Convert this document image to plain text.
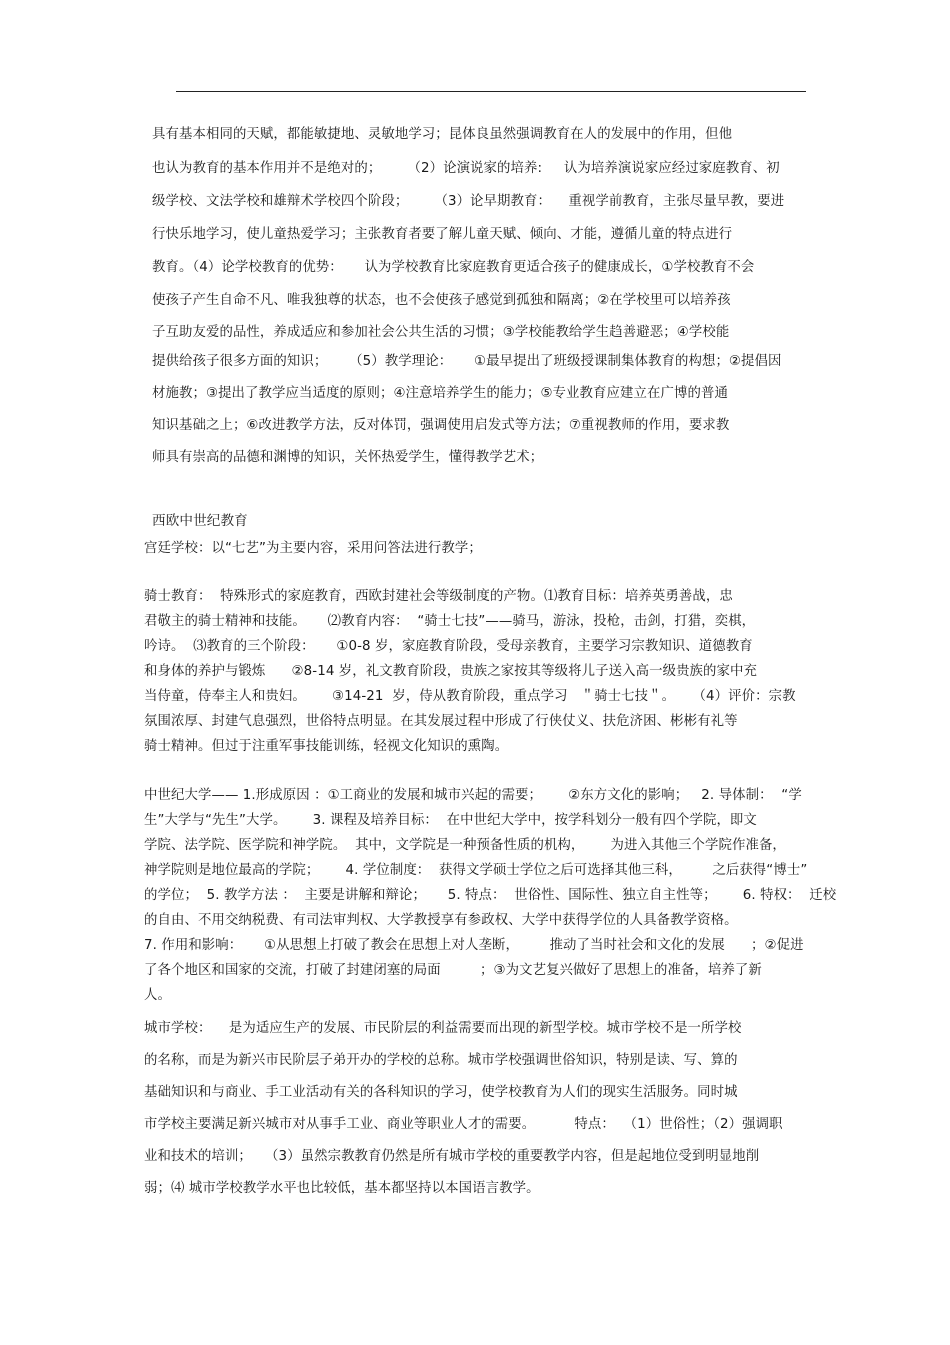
具有基本相同的天赋，都能敏捷地、灵敏地学习；昆体良虽然强调教育在人的发展中的作用，但他
也认为教育的基本作用并不是绝对的；      （2）论演说家的培养:     认为培养演说家应经过家庭教育、初
级学校、文法学校和雄辩术学校四个阶段；      （3）论早期教育：    重视学前教育，主张尽量早教，要进
行快乐地学习，使儿童热爱学习；主张教育者要了解儿童天赋、倾向、才能，遵循儿童的特点进行
教育。（4）论学校教育的优势：     认为学校教育比家庭教育更适合孩子的健康成长，①学校教育不会
使孩子产生自命不凡、唯我独尊的状态，也不会使孩子感觉到孤独和隔离；②在学校里可以培养孩
子互助友爱的品性，养成适应和参加社会公共生活的习惯；③学校能教给学生趋善避恶；④学校能
提供给孩子很多方面的知识；     （5）教学理论：     ①最早提出了班级授课制集体教育的构想；②提倡因
材施教；③提出了教学应当适度的原则；④注意培养学生的能力；⑤专业教育应建立在广博的普通
知识基础之上；⑥改进教学方法，反对体罚，强调使用启发式等方法；⑦重视教师的作用，要求教
师具有崇高的品德和渊博的知识，关怀热爱学生，懂得教学艺术；
西欧中世纪教育
宫廷学校：以“七艺”为主要内容，采用问答法进行教学；
骑士教育：  特殊形式的家庭教育，西欧封建社会等级制度的产物。⑴教育目标：培养英勇善战，忠
君敬主的骑士精神和技能。     ⑵教育内容：  “骑士七技”——骑马，游泳，投枪，击剑，打猎，奕棋，
吟诗。  ⑶教育的三个阶段：     ①0-8 岁，家庭教育阶段，受母亲教育，主要学习宗教知识、道德教育
和身体的养护与锻炼      ②8-14 岁，礼文教育阶段，贵族之家按其等级将儿子送入高一级贵族的家中充
当侍童，侍奉主人和贵妇。      ③14-21  岁，侍从教育阶段，重点学习   ＂骑士七技＂。    （4）评价：宗教
氛围浓厚、封建气息强烈，世俗特点明显。在其发展过程中形成了行侠仗义、扶危济困、彬彬有礼等
骑士精神。但过于注重军事技能训练，轻视文化知识的熏陶。
中世纪大学—— 1.形成原因 ：①工商业的发展和城市兴起的需要；      ②东方文化的影响；   2. 导体制：  “学
生”大学与“先生”大学。      3. 课程及培养目标：  在中世纪大学中，按学科划分一般有四个学院，即文
学院、法学院、医学院和神学院。  其中，文学院是一种预备性质的机构，      为进入其他三个学院作准备，
神学院则是地位最高的学院；      4. 学位制度：  获得文学硕士学位之后可选择其他三科，       之后获得“博士”
的学位；  5. 教学方法 ：  主要是讲解和辩论；     5. 特点：  世俗性、国际性、独立自主性等；      6. 特权：  迁校
的自由、不用交纳税费、有司法审判权、大学教授享有参政权、大学中获得学位的人具备教学资格。
7. 作用和影响：     ①从思想上打破了教会在思想上对人垄断，       推动了当时社会和文化的发展      ；②促进
了各个地区和国家的交流，打破了封建闭塞的局面         ；③为文艺复兴做好了思想上的准备，培养了新
人。
城市学校：    是为适应生产的发展、市民阶层的利益需要而出现的新型学校。城市学校不是一所学校
的名称，而是为新兴市民阶层子弟开办的学校的总称。城市学校强调世俗知识，特别是读、写、算的
基础知识和与商业、手工业活动有关的各科知识的学习，使学校教育为人们的现实生活服务。同时城
市学校主要满足新兴城市对从事手工业、商业等职业人才的需要。         特点：  （1）世俗性；（2）强调职
业和技术的培训；   （3）虽然宗教教育仍然是所有城市学校的重要教学内容，但是起地位受到明显地削
弱；⑷ 城市学校教学水平也比较低，基本都坚持以本国语言教学。
